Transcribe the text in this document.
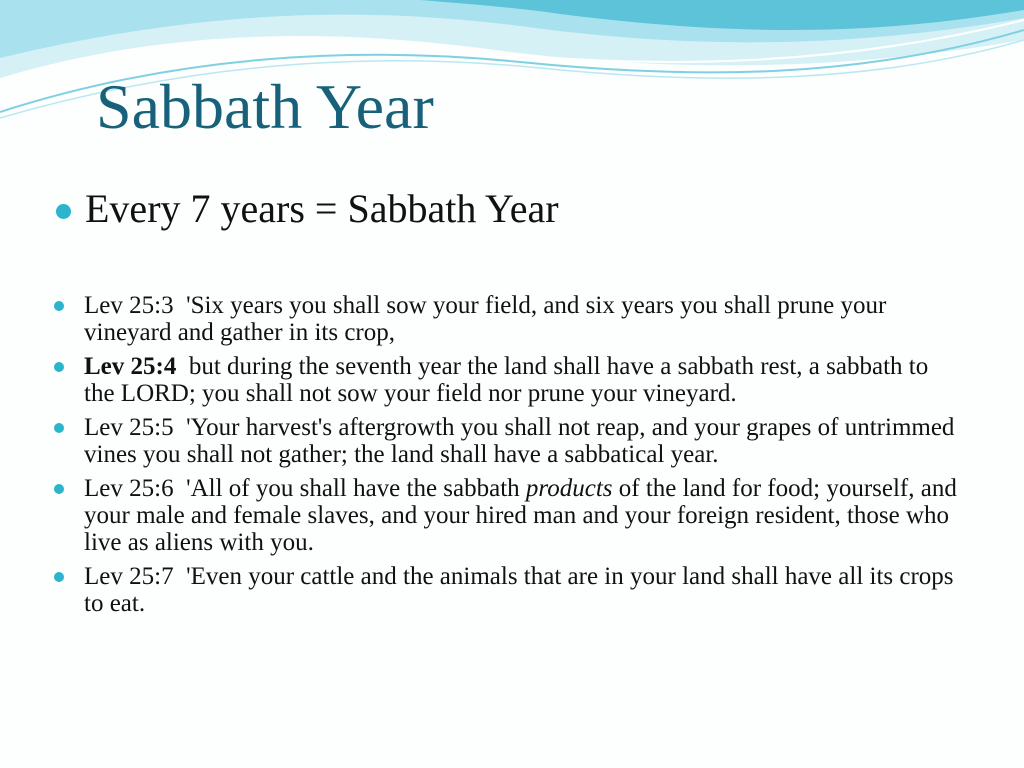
Sabbath Year
Every 7 years = Sabbath Year
Lev 25:3 'Six years you shall sow your field, and six years you shall prune your vineyard and gather in its crop,
Lev 25:4 but during the seventh year the land shall have a sabbath rest, a sabbath to the LORD; you shall not sow your field nor prune your vineyard.
Lev 25:5 'Your harvest's aftergrowth you shall not reap, and your grapes of untrimmed vines you shall not gather; the land shall have a sabbatical year.
Lev 25:6 'All of you shall have the sabbath products of the land for food; yourself, and your male and female slaves, and your hired man and your foreign resident, those who live as aliens with you.
Lev 25:7 'Even your cattle and the animals that are in your land shall have all its crops to eat.
